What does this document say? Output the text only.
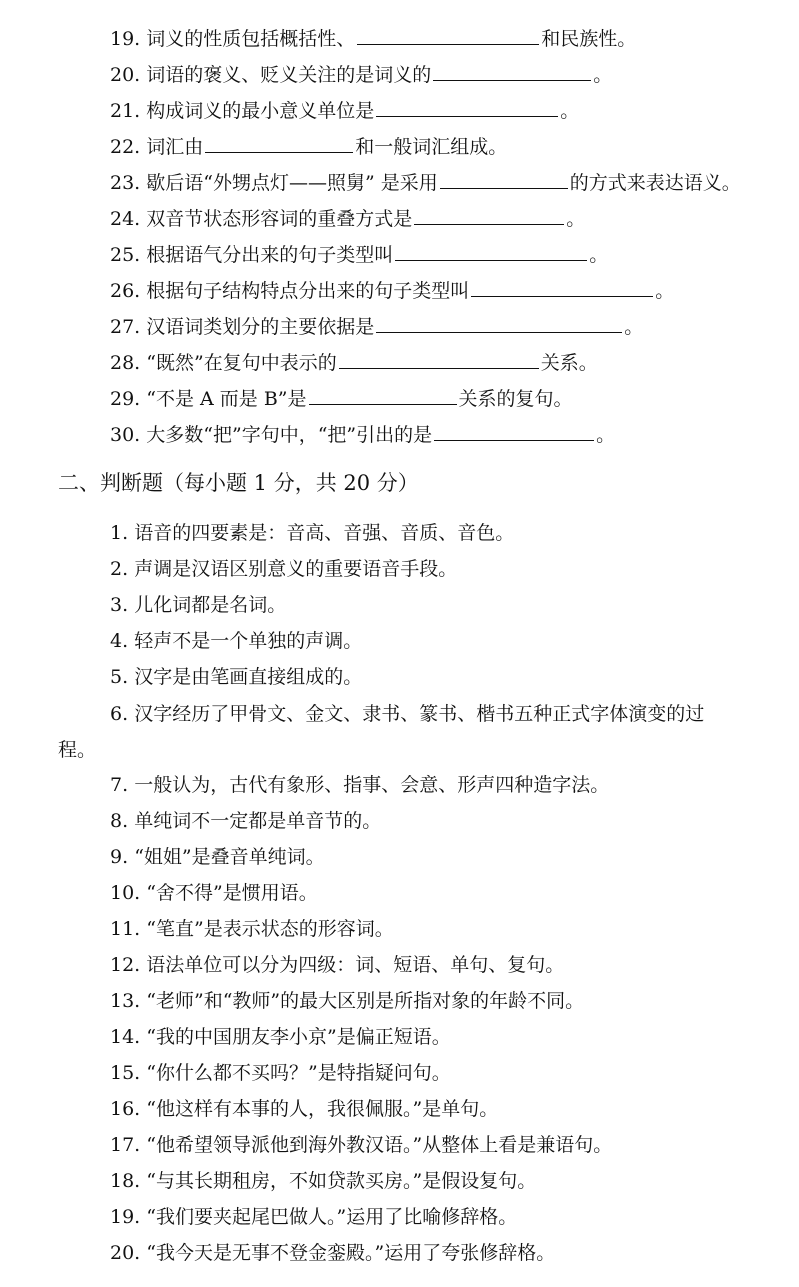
19. 词义的性质包括概括性、	和民族性。
20. 词语的褒义、贬义关注的是词义的	。
21. 构成词义的最小意义单位是	。
22. 词汇由	和一般词汇组成。
23. 歇后语“外甥点灯——照舅” 是采用	的方式来表达语义。
24. 双音节状态形容词的重叠方式是	。
25. 根据语气分出来的句子类型叫	。
26. 根据句子结构特点分出来的句子类型叫	。
27. 汉语词类划分的主要依据是	。
28. “既然”在复句中表示的	关系。
29. “不是 A 而是 B”是	关系的复句。
30. 大多数“把”字句中，“把”引出的是	。
二、判断题（每小题 1 分，共 20 分）
1. 语音的四要素是：音高、音强、音质、音色。
2. 声调是汉语区别意义的重要语音手段。
3. 儿化词都是名词。
4. 轻声不是一个单独的声调。
5. 汉字是由笔画直接组成的。
6. 汉字经历了甲骨文、金文、隶书、篆书、楷书五种正式字体演变的过
程。
7. 一般认为，古代有象形、指事、会意、形声四种造字法。
8. 单纯词不一定都是单音节的。
9. “姐姐”是叠音单纯词。
10. “舍不得”是惯用语。
11. “笔直”是表示状态的形容词。
12. 语法单位可以分为四级：词、短语、单句、复句。
13. “老师”和“教师”的最大区别是所指对象的年龄不同。
14. “我的中国朋友李小京”是偏正短语。
15. “你什么都不买吗？”是特指疑问句。
16. “他这样有本事的人，我很佩服。”是单句。
17. “他希望领导派他到海外教汉语。”从整体上看是兼语句。
18. “与其长期租房，不如贷款买房。”是假设复句。
19. “我们要夹起尾巴做人。”运用了比喻修辞格。
20. “我今天是无事不登金銮殿。”运用了夸张修辞格。
